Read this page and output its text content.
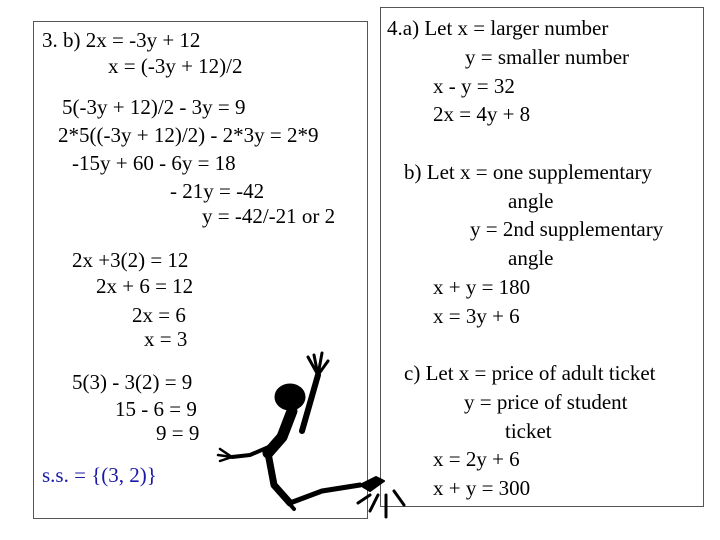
3. b) 2x = -3y + 12
x = (-3y + 12)/2
5(-3y + 12)/2 - 3y = 9
2*5((-3y + 12)/2) - 2*3y = 2*9
-15y + 60 - 6y = 18
- 21y = -42
y = -42/-21 or 2
2x +3(2) = 12
2x + 6 = 12
2x = 6
x = 3
5(3) - 3(2) = 9
15 - 6 = 9
9 = 9
s.s. = {(3, 2)}
4.a) Let x = larger number
y = smaller number
x - y = 32
2x = 4y + 8
b) Let x = one supplementary
angle
y = 2nd supplementary
angle
x + y = 180
x = 3y + 6
c) Let x = price of adult ticket
y = price of student
ticket
x = 2y + 6
x + y = 300
